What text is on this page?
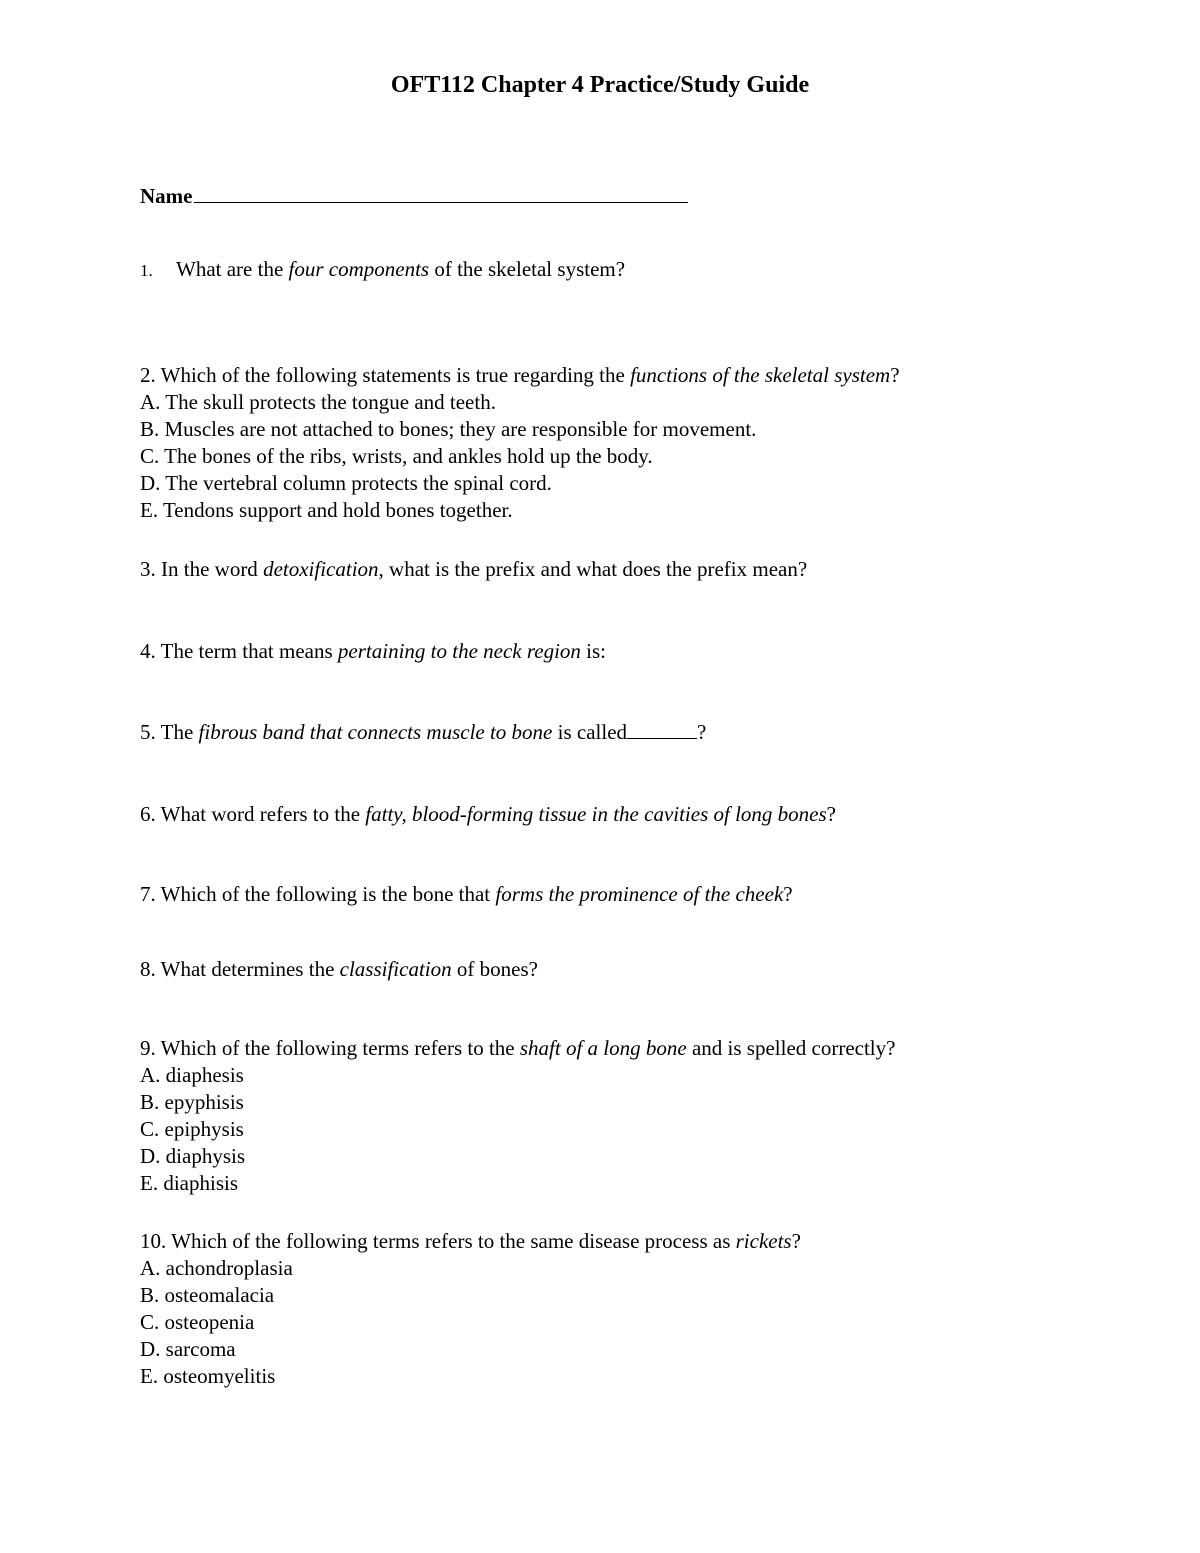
OFT112 Chapter 4 Practice/Study Guide
Name
1. What are the four components of the skeletal system?
2. Which of the following statements is true regarding the functions of the skeletal system?
A. The skull protects the tongue and teeth.
B. Muscles are not attached to bones; they are responsible for movement.
C. The bones of the ribs, wrists, and ankles hold up the body.
D. The vertebral column protects the spinal cord.
E. Tendons support and hold bones together.
3. In the word detoxification, what is the prefix and what does the prefix mean?
4. The term that means pertaining to the neck region is:
5. The fibrous band that connects muscle to bone is called	?
6. What word refers to the fatty, blood-forming tissue in the cavities of long bones?
7. Which of the following is the bone that forms the prominence of the cheek?
8. What determines the classification of bones?
9. Which of the following terms refers to the shaft of a long bone and is spelled correctly?
A. diaphesis
B. epyphisis
C. epiphysis
D. diaphysis
E. diaphisis
10. Which of the following terms refers to the same disease process as rickets?
A. achondroplasia
B. osteomalacia
C. osteopenia
D. sarcoma
E. osteomyelitis
